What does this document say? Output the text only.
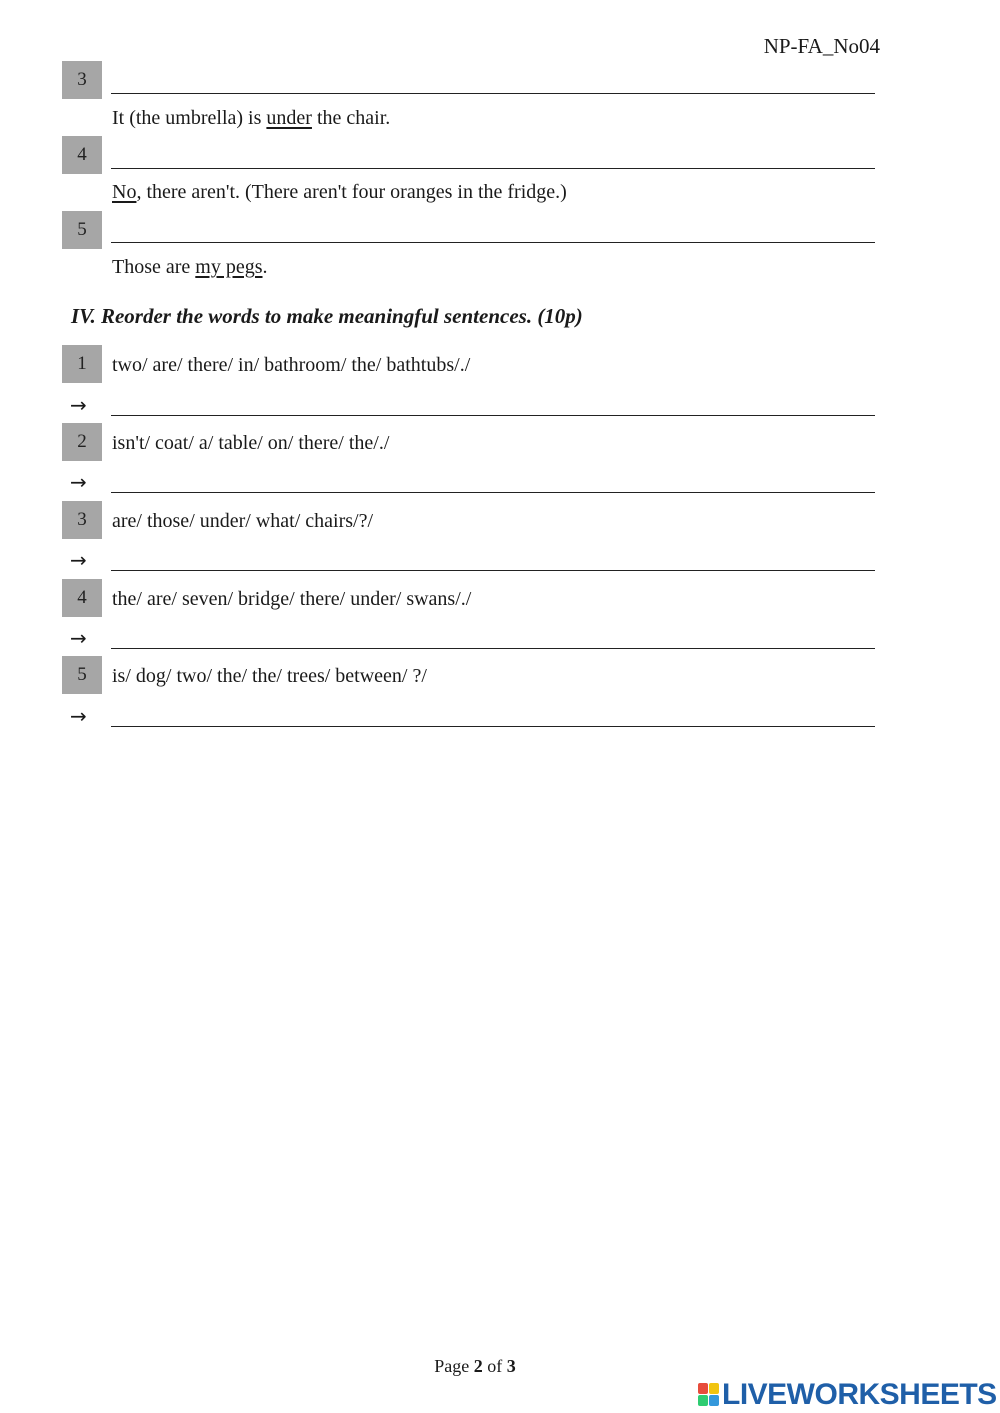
NP-FA_No04
3
It (the umbrella) is under the chair.
4
No, there aren't. (There aren't four oranges in the fridge.)
5
Those are my pegs.
IV. Reorder the words to make meaningful sentences. (10p)
1	two/ are/ there/ in/ bathroom/ the/ bathtubs/./
→
2	isn't/ coat/ a/ table/ on/ there/ the/./
→
3	are/ those/ under/ what/ chairs/?/
→
4	the/ are/ seven/ bridge/ there/ under/ swans/./
→
5	is/ dog/ two/ the/ the/ trees/ between/ ?/
→
Page 2 of 3
LIVEWORKSHEETS
